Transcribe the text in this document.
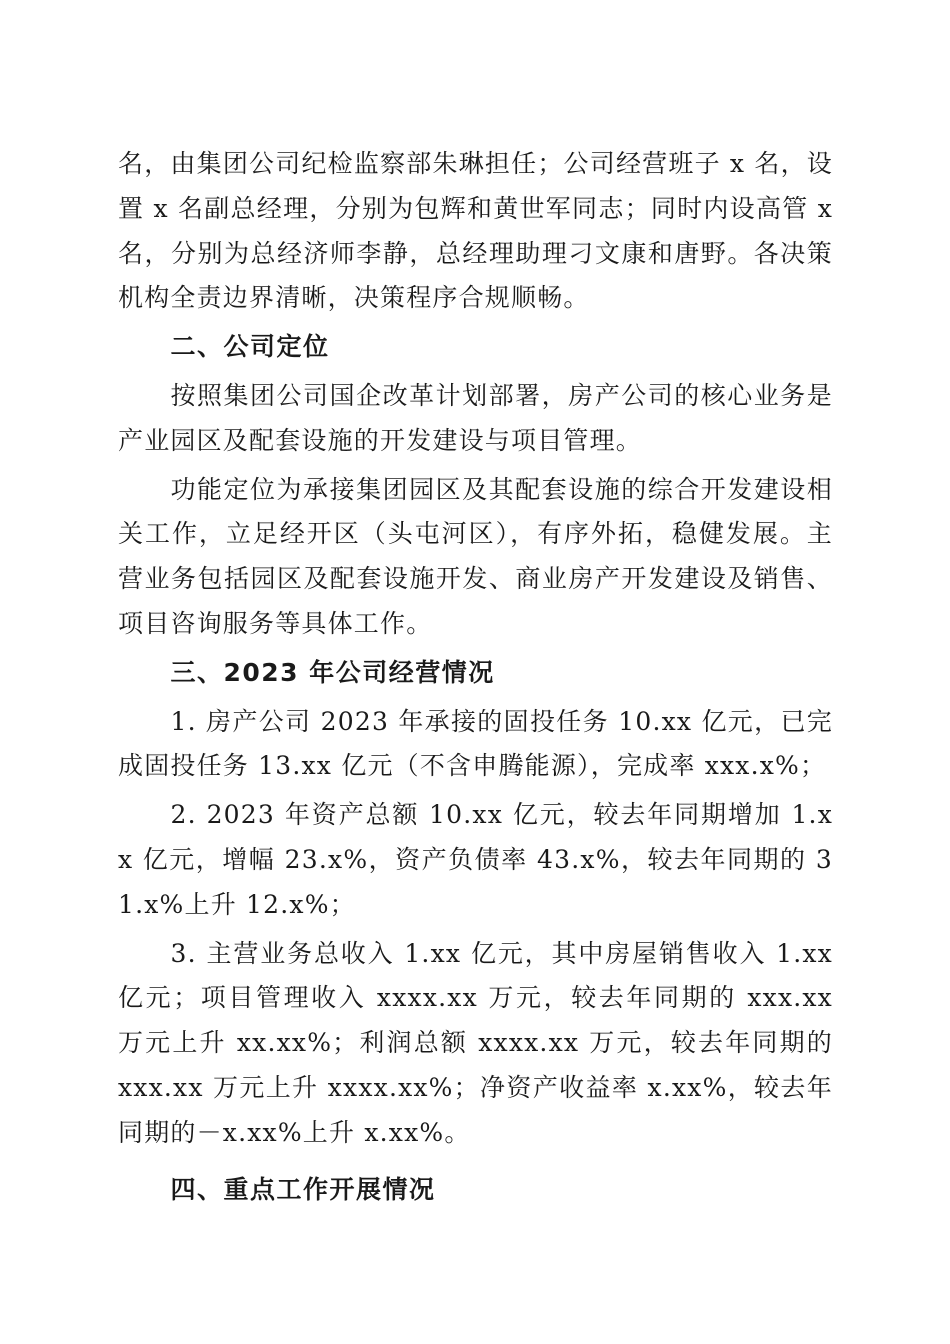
名，由集团公司纪检监察部朱琳担任；公司经营班子 x 名，设置 x 名副总经理，分别为包辉和黄世军同志；同时内设高管 x 名，分别为总经济师李静，总经理助理刁文康和唐野。各决策机构全责边界清晰，决策程序合规顺畅。

二、公司定位

按照集团公司国企改革计划部署，房产公司的核心业务是产业园区及配套设施的开发建设与项目管理。

功能定位为承接集团园区及其配套设施的综合开发建设相关工作，立足经开区（头屯河区），有序外拓，稳健发展。主营业务包括园区及配套设施开发、商业房产开发建设及销售、项目咨询服务等具体工作。

三、2023 年公司经营情况

1. 房产公司 2023 年承接的固投任务 10.xx 亿元，已完成固投任务 13.xx 亿元（不含申腾能源），完成率 xxx.x%；

2. 2023 年资产总额 10.xx 亿元，较去年同期增加 1.xx 亿元，增幅 23.x%，资产负债率 43.x%，较去年同期的 31.x%上升 12.x%；

3. 主营业务总收入 1.xx 亿元，其中房屋销售收入 1.xx 亿元；项目管理收入 xxxx.xx 万元，较去年同期的 xxx.xx 万元上升 xx.xx%；利润总额 xxxx.xx 万元，较去年同期的 xxx.xx 万元上升 xxxx.xx%；净资产收益率 x.xx%，较去年同期的－x.xx%上升 x.xx%。

四、重点工作开展情况
